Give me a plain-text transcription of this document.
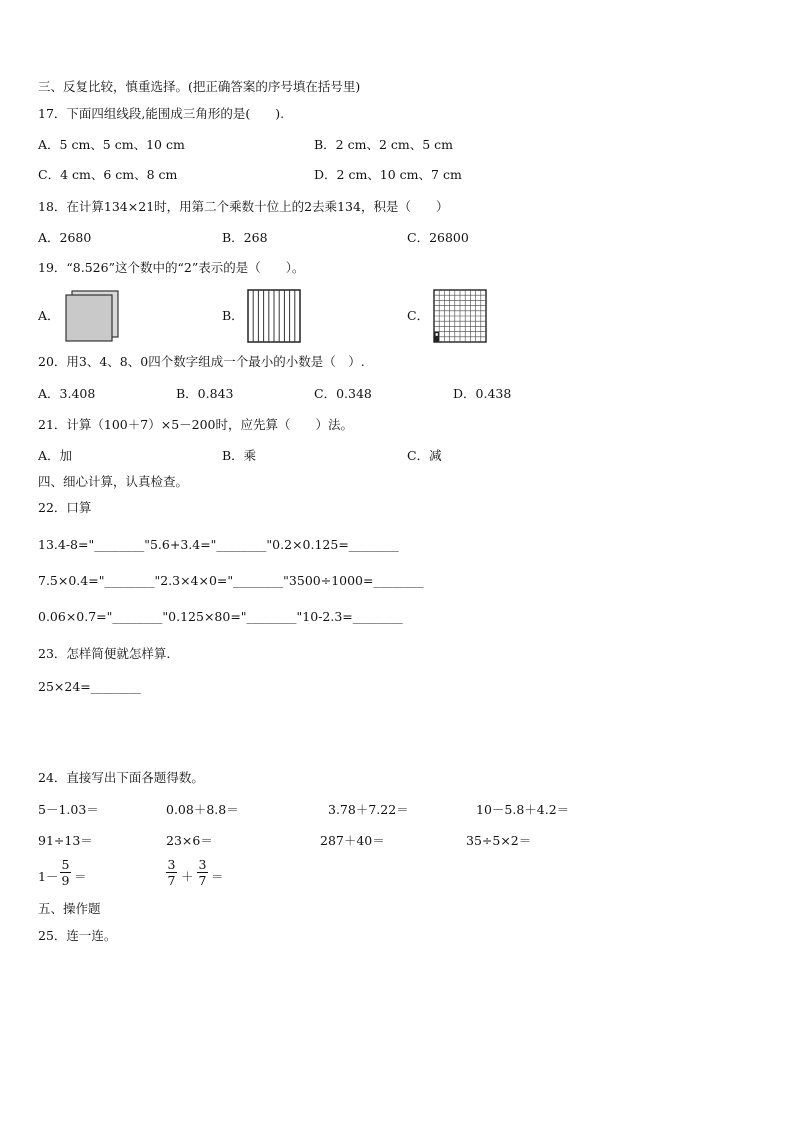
三、反复比较，慎重选择。(把正确答案的序号填在括号里)
17．下面四组线段,能围成三角形的是(　　).
A．5 cm、5 cm、10 cm	B．2 cm、2 cm、5 cm
C．4 cm、6 cm、8 cm	D．2 cm、10 cm、7 cm
18．在计算134×21时，用第二个乘数十位上的2去乘134，积是（　　）
A．2680	B．268	C．26800
19．“8.526”这个数中的“2”表示的是（　　）。
A．	B．	C．
20．用3、4、8、0四个数字组成一个最小的小数是（　）.
A．3.408	B．0.843	C．0.348	D．0.438
21．计算（100＋7）×5－200时，应先算（　　）法。
A．加	B．乘	C．减
四、细心计算，认真检查。
22．口算
13.4-8="________"5.6+3.4="________"0.2×0.125=________
7.5×0.4="________"2.3×4×0="________"3500÷1000=________
0.06×0.7="________"0.125×80="________"10-2.3=________
23．怎样简便就怎样算.
25×24=________
24．直接写出下面各题得数。
5－1.03＝	0.08＋8.8＝	3.78＋7.22＝	10－5.8＋4.2＝
91÷13＝	23×6＝	287＋40＝	35÷5×2＝
1－
5
9 ＝
3
7 ＋
3
7 ＝
五、操作题
25．连一连。
